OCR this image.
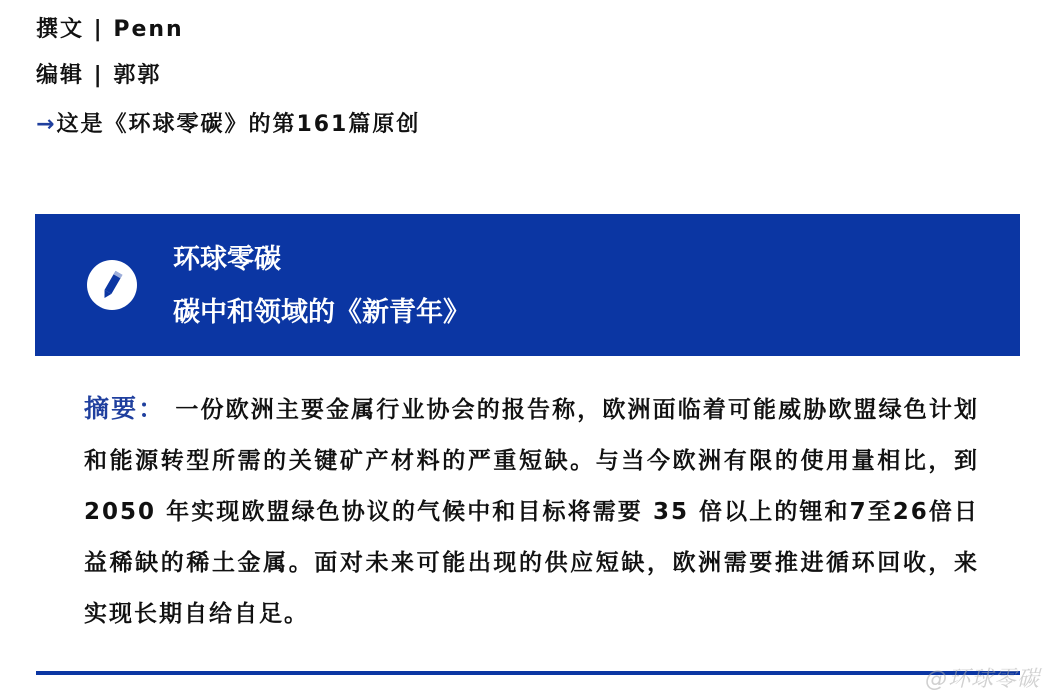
撰文 | Penn
编辑 | 郭郭
→这是《环球零碳》的第161篇原创
环球零碳
碳中和领域的《新青年》

摘要： 一份欧洲主要金属行业协会的报告称，欧洲面临着可能威胁欧盟绿色计划和能源转型所需的关键矿产材料的严重短缺。与当今欧洲有限的使用量相比，到 2050 年实现欧盟绿色协议的气候中和目标将需要 35 倍以上的锂和7至26倍日益稀缺的稀土金属。面对未来可能出现的供应短缺，欧洲需要推进循环回收，来实现长期自给自足。

@环球零碳
